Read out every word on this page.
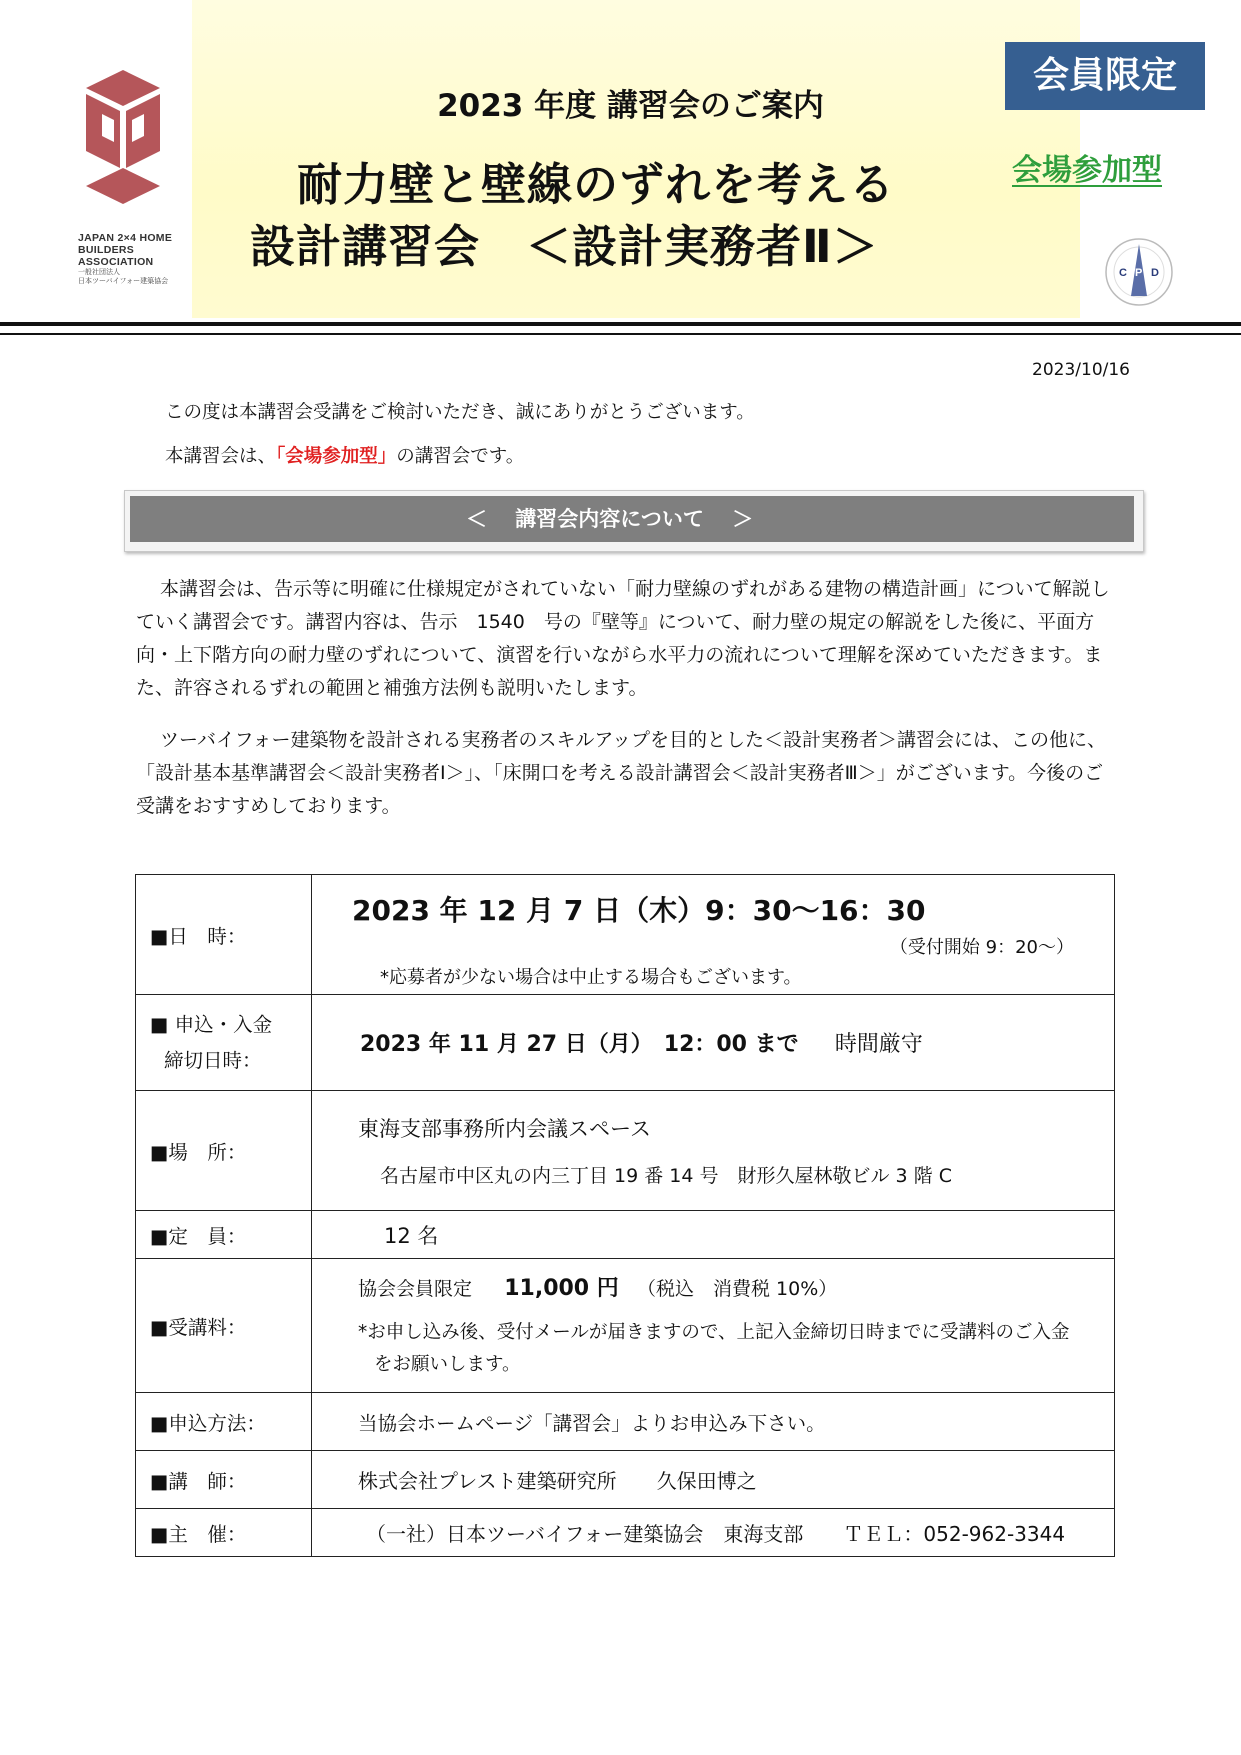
JAPAN 2×4 HOME
BUILDERS
ASSOCIATION
一般社団法人
日本ツーバイフォー建築協会
2023 年度 講習会のご案内
耐力壁と壁線のずれを考える
設計講習会　＜設計実務者Ⅱ＞
会員限定
会場参加型
C P D
2023/10/16
この度は本講習会受講をご検討いただき、誠にありがとうございます。
本講習会は、「会場参加型」の講習会です。
＜　 講習会内容について　 ＞
本講習会は、告示等に明確に仕様規定がされていない「耐力壁線のずれがある建物の構造計画」について解説していく講習会です。講習内容は、告示　1540　号の『壁等』について、耐力壁の規定の解説をした後に、平面方向・上下階方向の耐力壁のずれについて、演習を行いながら水平力の流れについて理解を深めていただきます。また、許容されるずれの範囲と補強方法例も説明いたします。
ツーバイフォー建築物を設計される実務者のスキルアップを目的とした＜設計実務者＞講習会には、この他に、「設計基本基準講習会＜設計実務者Ⅰ＞」、「床開口を考える設計講習会＜設計実務者Ⅲ＞」がございます。今後のご受講をおすすめしております。
■日　時：	2023 年 12 月 7 日（木）9：30～16：30
（受付開始 9：20～）
*応募者が少ない場合は中止する場合もございます。

■ 申込・入金
締切日時：	2023 年 11 月 27 日（月）　12：00 まで 時間厳守
■場　所：	東海支部事務所内会議スペース
名古屋市中区丸の内三丁目 19 番 14 号　財形久屋林敬ビル 3 階 C

■定　員：	12 名
■受講料：	協会会員限定 11,000 円 （税込　消費税 10%）
*お申し込み後、受付メールが届きますので、上記入金締切日時までに受講料のご入金
をお願いします。

■申込方法：	当協会ホームページ「講習会」よりお申込み下さい。
■講　師：	株式会社プレスト建築研究所　　久保田博之
■主　催：	（一社）日本ツーバイフォー建築協会　東海支部　　ＴＥＬ：052-962-3344
